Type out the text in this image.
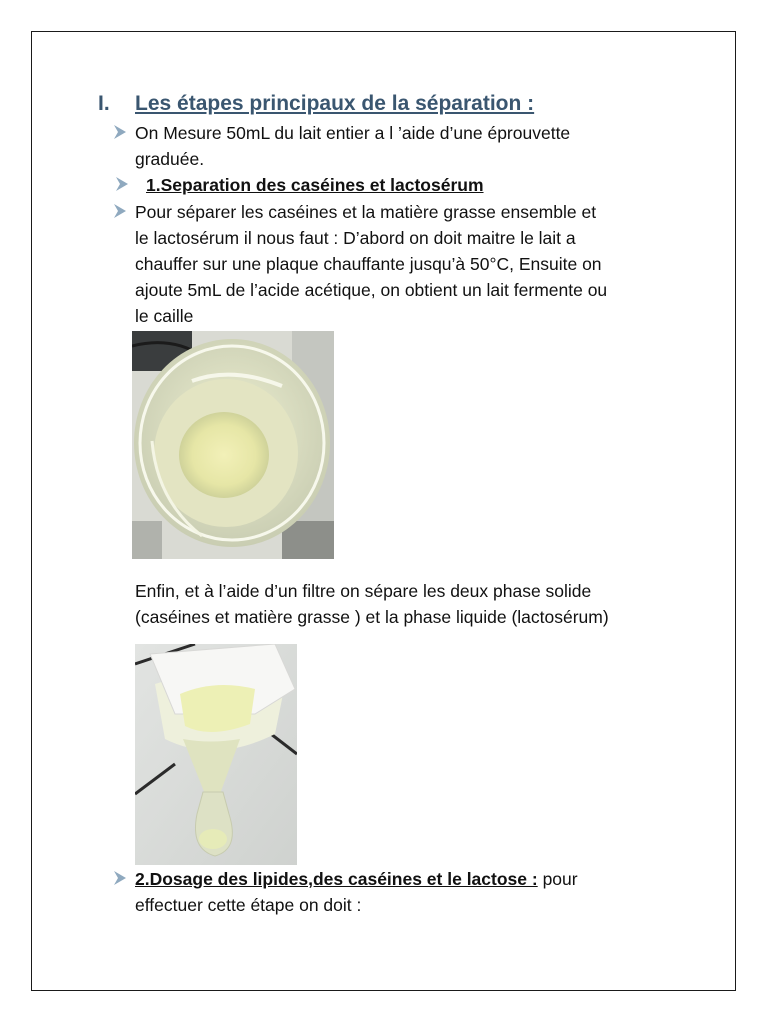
I. Les étapes principaux de la séparation :
On Mesure 50mL du lait entier a l ’aide d’une éprouvette
graduée.
1.Separation des caséines et lactosérum
Pour séparer les caséines et la matière grasse ensemble et
le lactosérum il nous faut : D’abord on doit maitre le lait a
chauffer sur une plaque chauffante jusqu’à 50°C, Ensuite on
ajoute 5mL de l’acide acétique, on obtient un lait fermente ou
le caille
Enfin, et à l’aide d’un filtre on sépare les deux phase solide
(caséines et matière grasse ) et la phase liquide (lactosérum)
2.Dosage des lipides,des caséines et le lactose : pour
effectuer cette étape on doit :
